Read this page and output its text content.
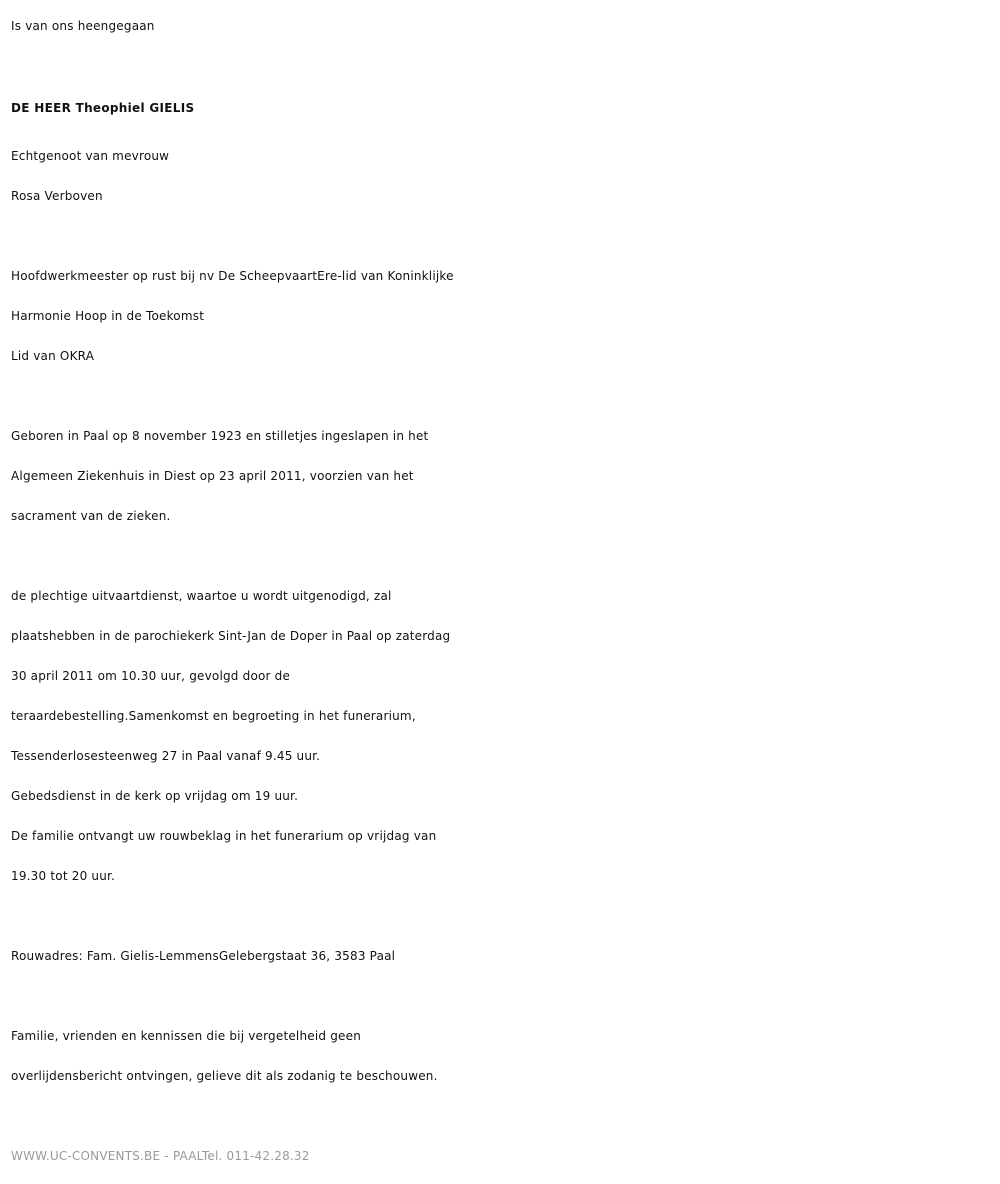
Is van ons heengegaan
DE HEER Theophiel GIELIS
Echtgenoot van mevrouw
Rosa Verboven
Hoofdwerkmeester op rust bij nv De ScheepvaartEre-lid van Koninklijke
Harmonie Hoop in de Toekomst
Lid van OKRA
Geboren in Paal op 8 november 1923 en stilletjes ingeslapen in het
Algemeen Ziekenhuis in Diest op 23 april 2011, voorzien van het
sacrament van de zieken.
de plechtige uitvaartdienst, waartoe u wordt uitgenodigd, zal
plaatshebben in de parochiekerk Sint-Jan de Doper in Paal op zaterdag
30 april 2011 om 10.30 uur, gevolgd door de
teraardebestelling.Samenkomst en begroeting in het funerarium,
Tessenderlosesteenweg 27 in Paal vanaf 9.45 uur.
Gebedsdienst in de kerk op vrijdag om 19 uur.
De familie ontvangt uw rouwbeklag in het funerarium op vrijdag van
19.30 tot 20 uur.
Rouwadres: Fam. Gielis-LemmensGelebergstaat 36, 3583 Paal
Familie, vrienden en kennissen die bij vergetelheid geen
overlijdensbericht ontvingen, gelieve dit als zodanig te beschouwen.
WWW.UC-CONVENTS.BE - PAALTel. 011-42.28.32
